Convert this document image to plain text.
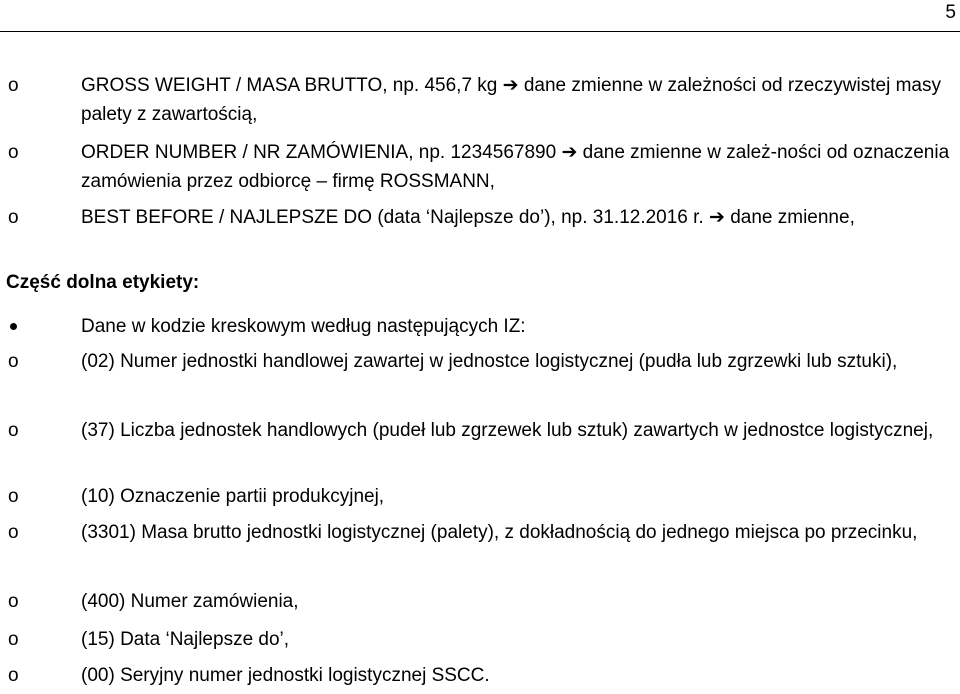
5
o	GROSS WEIGHT / MASA BRUTTO, np. 456,7 kg ➔ dane zmienne w zależności od rzeczywistej masy palety z zawartością,
o	ORDER NUMBER / NR ZAMÓWIENIA, np. 1234567890 ➔ dane zmienne w zależ-ności od oznaczenia zamówienia przez odbiorcę – firmę ROSSMANN,
o	BEST BEFORE / NAJLEPSZE DO (data ‘Najlepsze do’), np. 31.12.2016 r. ➔ dane zmienne,
Część dolna etykiety:
Dane w kodzie kreskowym według następujących IZ:
o	(02) Numer jednostki handlowej zawartej w jednostce logistycznej (pudła lub zgrzewki lub sztuki),
o	(37) Liczba jednostek handlowych (pudeł lub zgrzewek lub sztuk) zawartych w jednostce logistycznej,
o	(10) Oznaczenie partii produkcyjnej,
o	(3301) Masa brutto jednostki logistycznej (palety), z dokładnością do jednego miejsca po przecinku,
o	(400) Numer zamówienia,
o	(15) Data ‘Najlepsze do’,
o	(00) Seryjny numer jednostki logistycznej SSCC.
